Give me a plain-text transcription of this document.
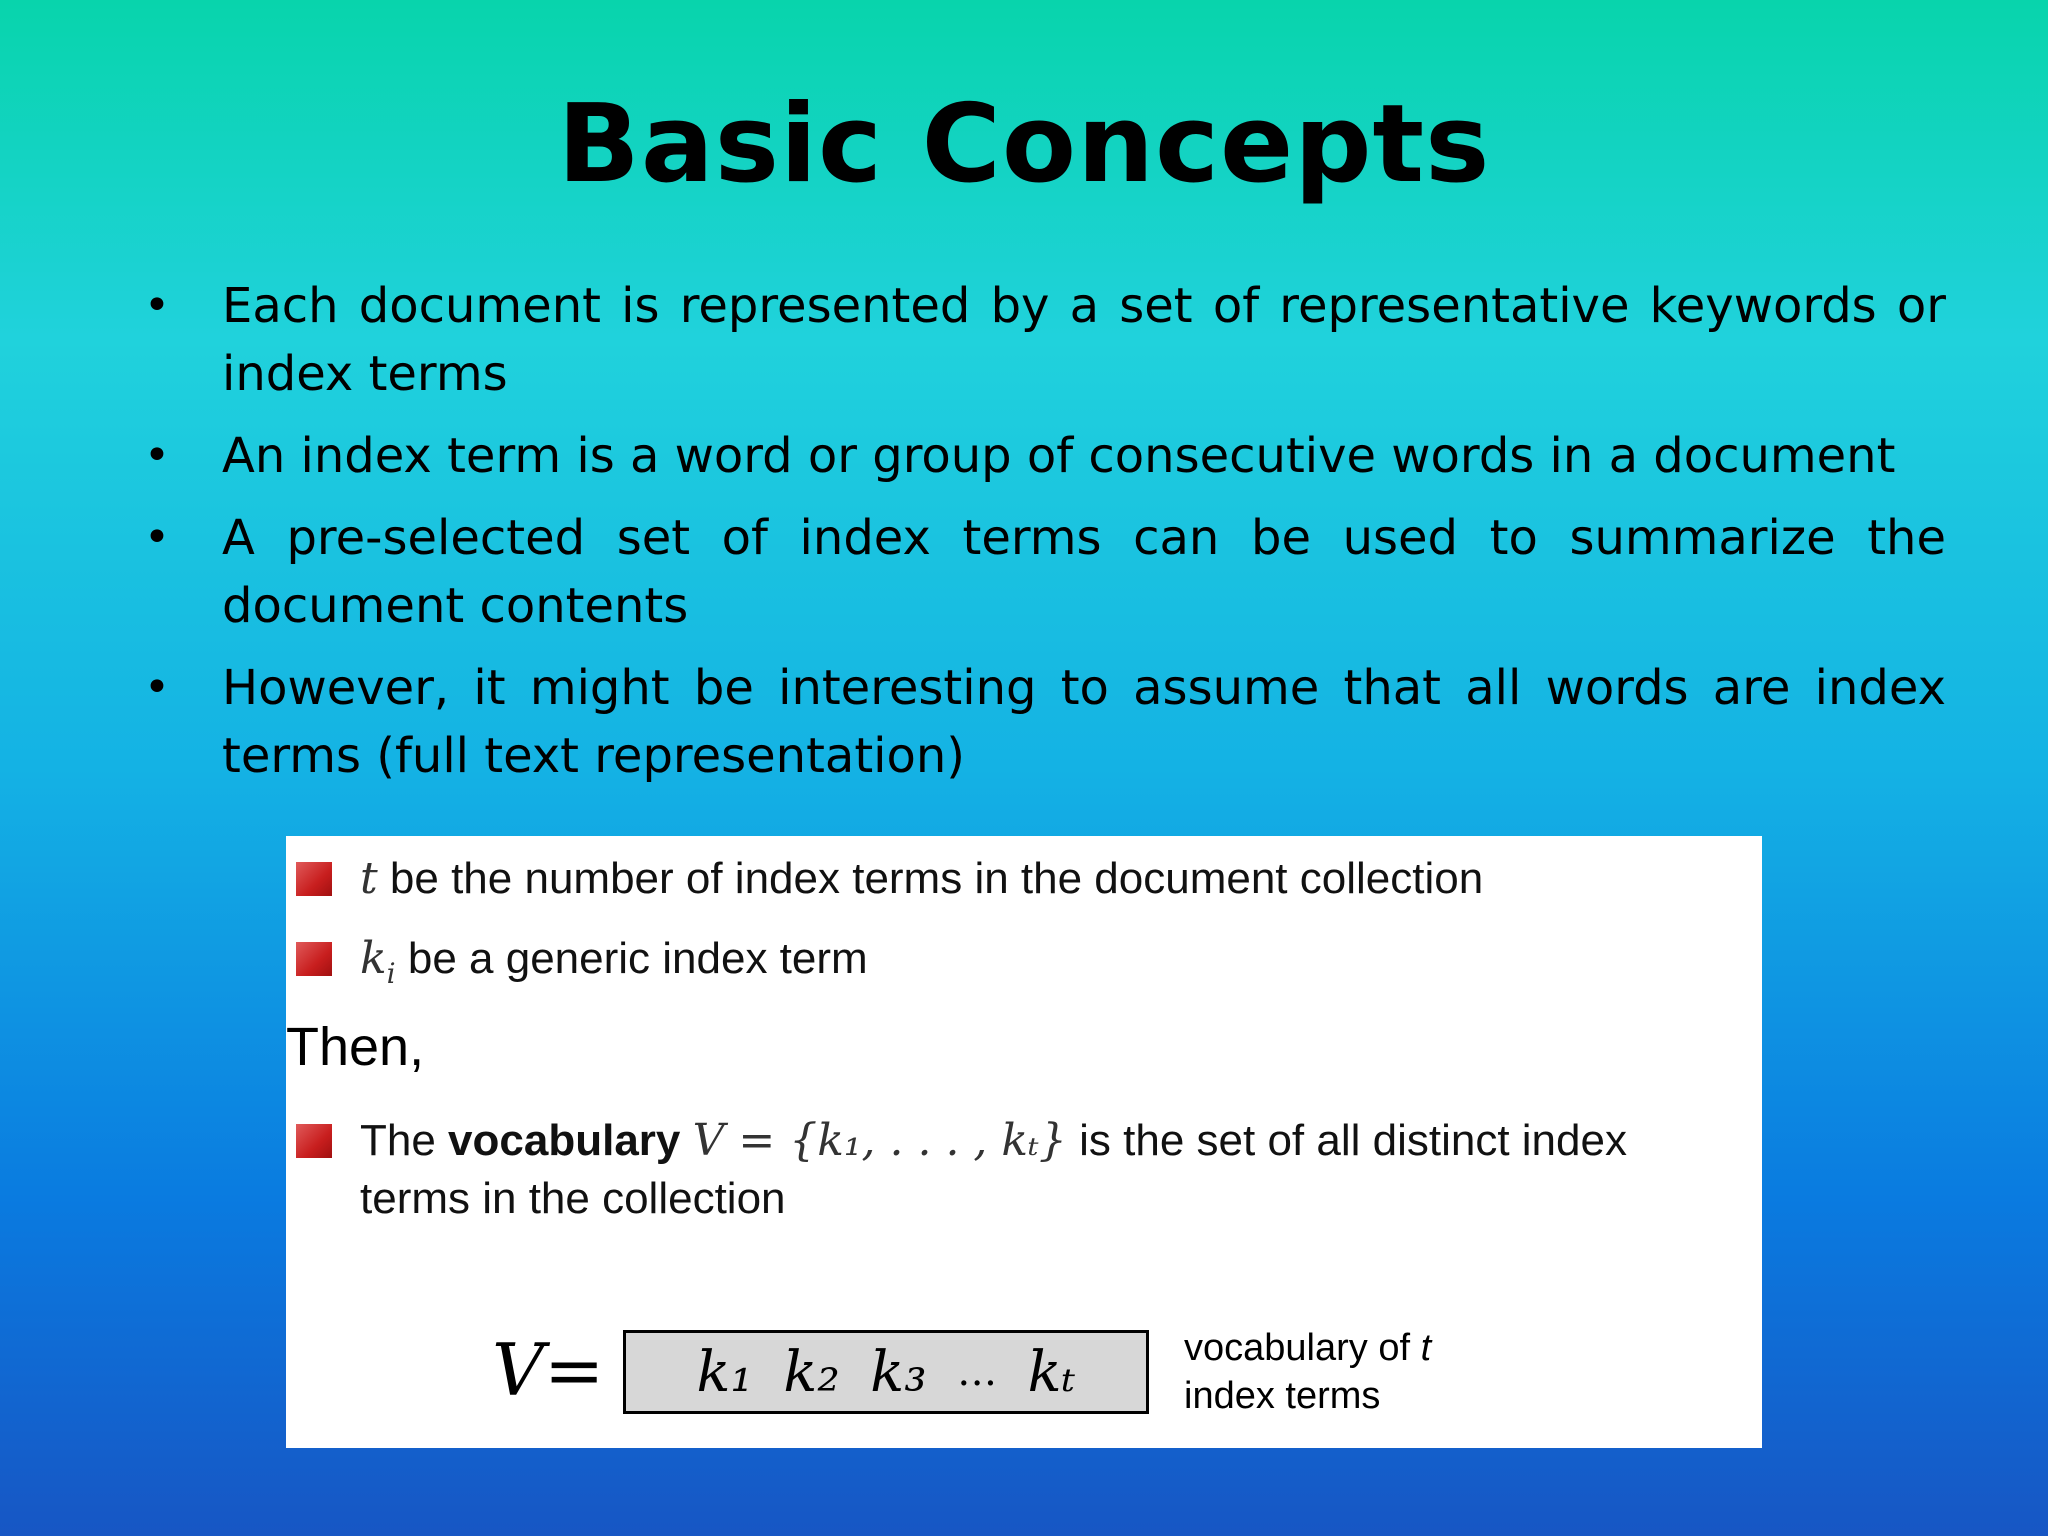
Basic Concepts
• Each document is represented by a set of representative keywords or index terms
• An index term is a word or group of consecutive words in a document
• A pre-selected set of index terms can be used to summarize the document contents
• However, it might be interesting to assume that all words are index terms (full text representation)
t be the number of index terms in the document collection
$k_i$ be a generic index term
Then,
The vocabulary V = {k₁, . . . , kₜ} is the set of all distinct index
terms in the collection
V= k₁ k₂ k₃ … kₜ	vocabulary of t
index terms
